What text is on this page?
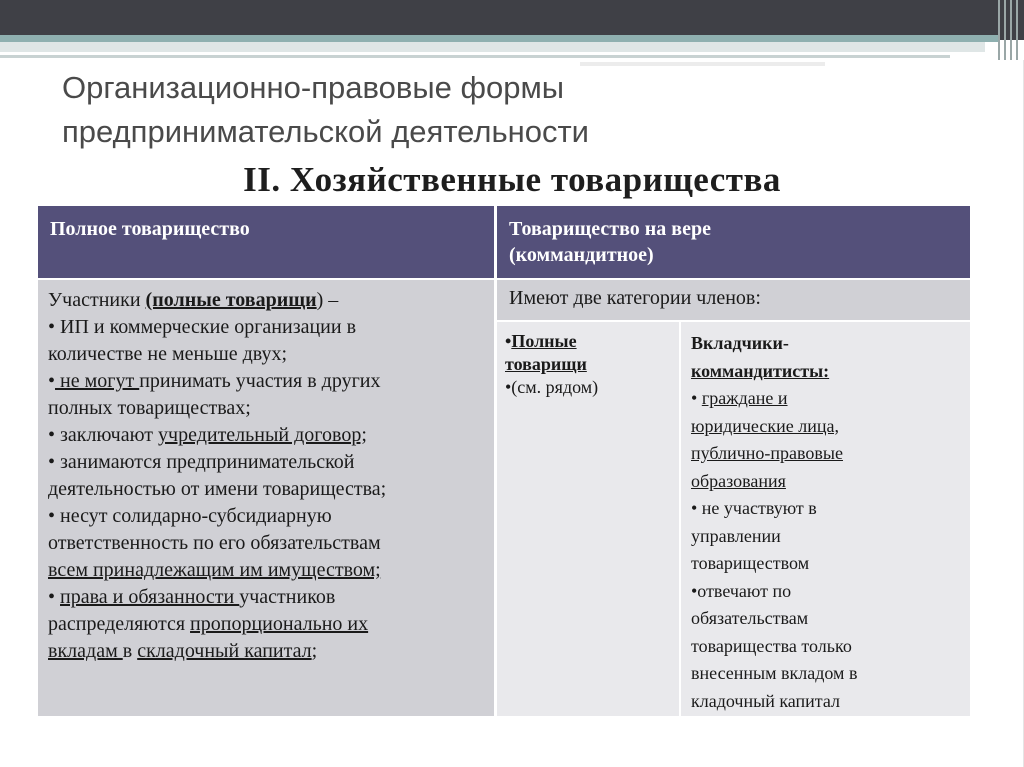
Организационно-правовые формы
предпринимательской деятельности
II. Хозяйственные товарищества
Полное товарищество	Товарищество на вере
(коммандитное)
Участники (полные товарищи) –
• ИП и коммерческие организации в
количестве не меньше двух;
• не могут принимать участия в других
полных товариществах;
• заключают учредительный договор;
• занимаются предпринимательской
деятельностью от имени товарищества;
• несут солидарно-субсидиарную
ответственность по его обязательствам
всем принадлежащим им имуществом;
• права и обязанности участников
распределяются пропорционально их
вкладам в складочный капитал;
Имеют две категории членов:
•Полные
товарищи
•(см. рядом)
Вкладчики-
коммандитисты:
• граждане и
юридические лица,
публично-правовые
образования
• не участвуют в
управлении
товариществом
•отвечают по
обязательствам
товарищества только
внесенным вкладом в
кладочный капитал
